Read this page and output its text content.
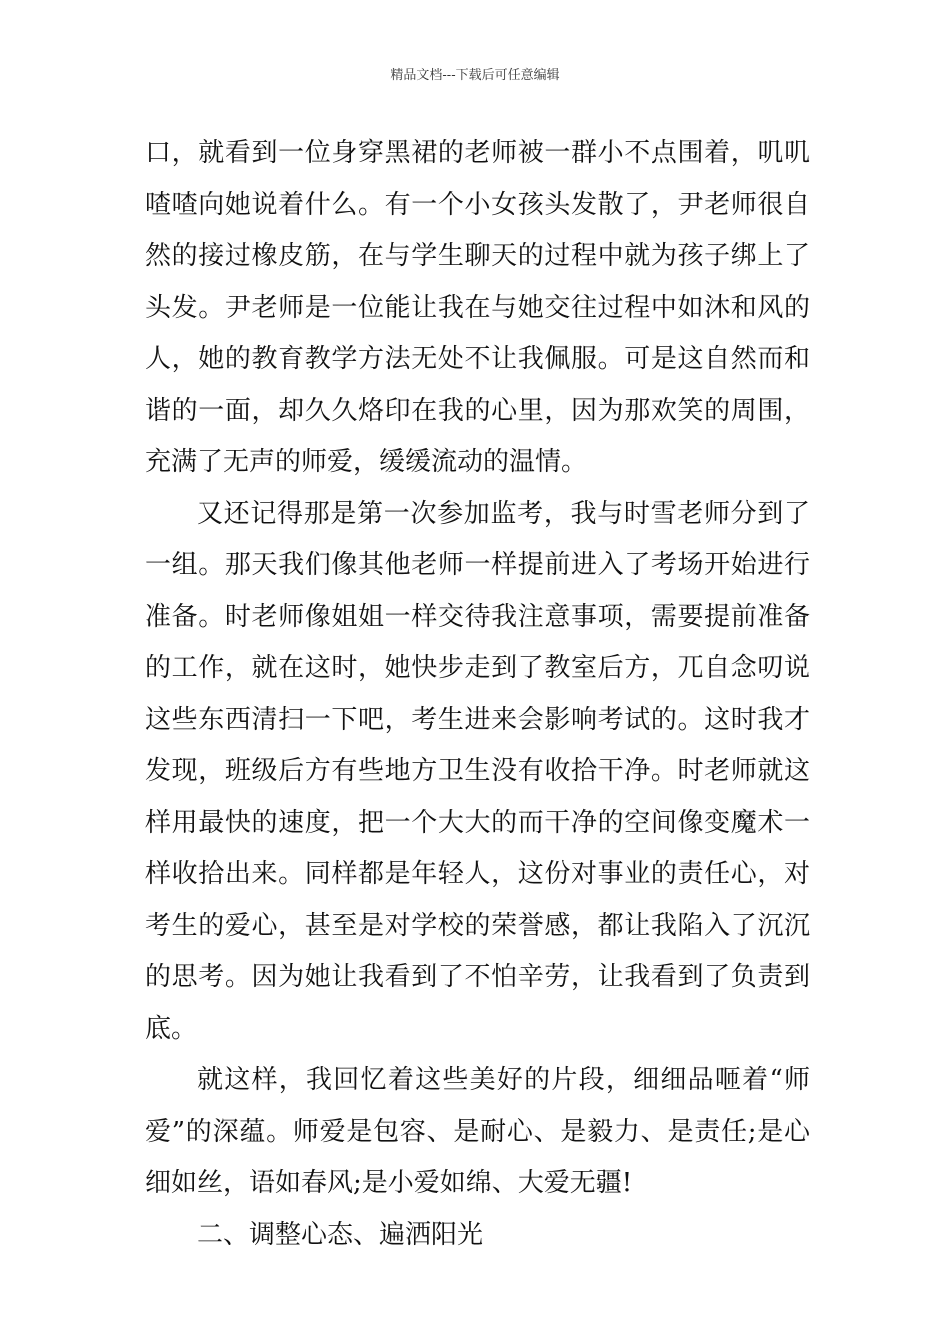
精品文档---下载后可任意编辑
口，就看到一位身穿黑裙的老师被一群小不点围着，叽叽
喳喳向她说着什么。有一个小女孩头发散了，尹老师很自
然的接过橡皮筋，在与学生聊天的过程中就为孩子绑上了
头发。尹老师是一位能让我在与她交往过程中如沐和风的
人，她的教育教学方法无处不让我佩服。可是这自然而和
谐的一面，却久久烙印在我的心里，因为那欢笑的周围，
充满了无声的师爱，缓缓流动的温情。
又还记得那是第一次参加监考，我与时雪老师分到了
一组。那天我们像其他老师一样提前进入了考场开始进行
准备。时老师像姐姐一样交待我注意事项，需要提前准备
的工作，就在这时，她快步走到了教室后方，兀自念叨说
这些东西清扫一下吧，考生进来会影响考试的。这时我才
发现，班级后方有些地方卫生没有收拾干净。时老师就这
样用最快的速度，把一个大大的而干净的空间像变魔术一
样收拾出来。同样都是年轻人，这份对事业的责任心，对
考生的爱心，甚至是对学校的荣誉感，都让我陷入了沉沉
的思考。因为她让我看到了不怕辛劳，让我看到了负责到
底。
就这样，我回忆着这些美好的片段，细细品咂着“师
爱”的深蕴。师爱是包容、是耐心、是毅力、是责任;是心
细如丝，语如春风;是小爱如绵、大爱无疆!
二、调整心态、遍洒阳光
